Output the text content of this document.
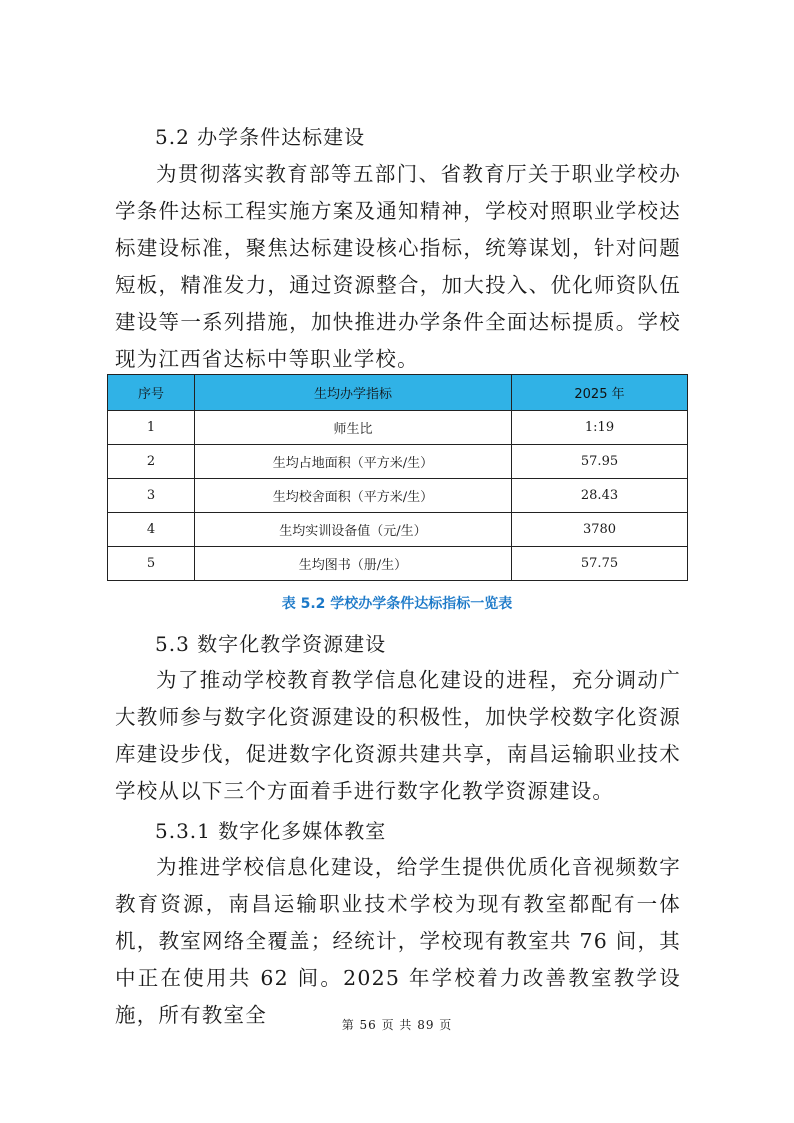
5.2 办学条件达标建设

为贯彻落实教育部等五部门、省教育厅关于职业学校办学条件达标工程实施方案及通知精神，学校对照职业学校达标建设标准，聚焦达标建设核心指标，统筹谋划，针对问题短板，精准发力，通过资源整合，加大投入、优化师资队伍建设等一系列措施，加快推进办学条件全面达标提质。学校现为江西省达标中等职业学校。

序号	生均办学指标	2025 年
1	师生比	1:19
2	生均占地面积（平方米/生）	57.95
3	生均校舍面积（平方米/生）	28.43
4	生均实训设备值（元/生）	3780
5	生均图书（册/生）	57.75
表 5.2 学校办学条件达标指标一览表
5.3 数字化教学资源建设

为了推动学校教育教学信息化建设的进程，充分调动广大教师参与数字化资源建设的积极性，加快学校数字化资源库建设步伐，促进数字化资源共建共享，南昌运输职业技术学校从以下三个方面着手进行数字化教学资源建设。

5.3.1 数字化多媒体教室

为推进学校信息化建设，给学生提供优质化音视频数字教育资源，南昌运输职业技术学校为现有教室都配有一体机，教室网络全覆盖；经统计，学校现有教室共 76 间，其中正在使用共 62 间。2025 年学校着力改善教室教学设施，所有教室全	第 56 页 共 89 页
